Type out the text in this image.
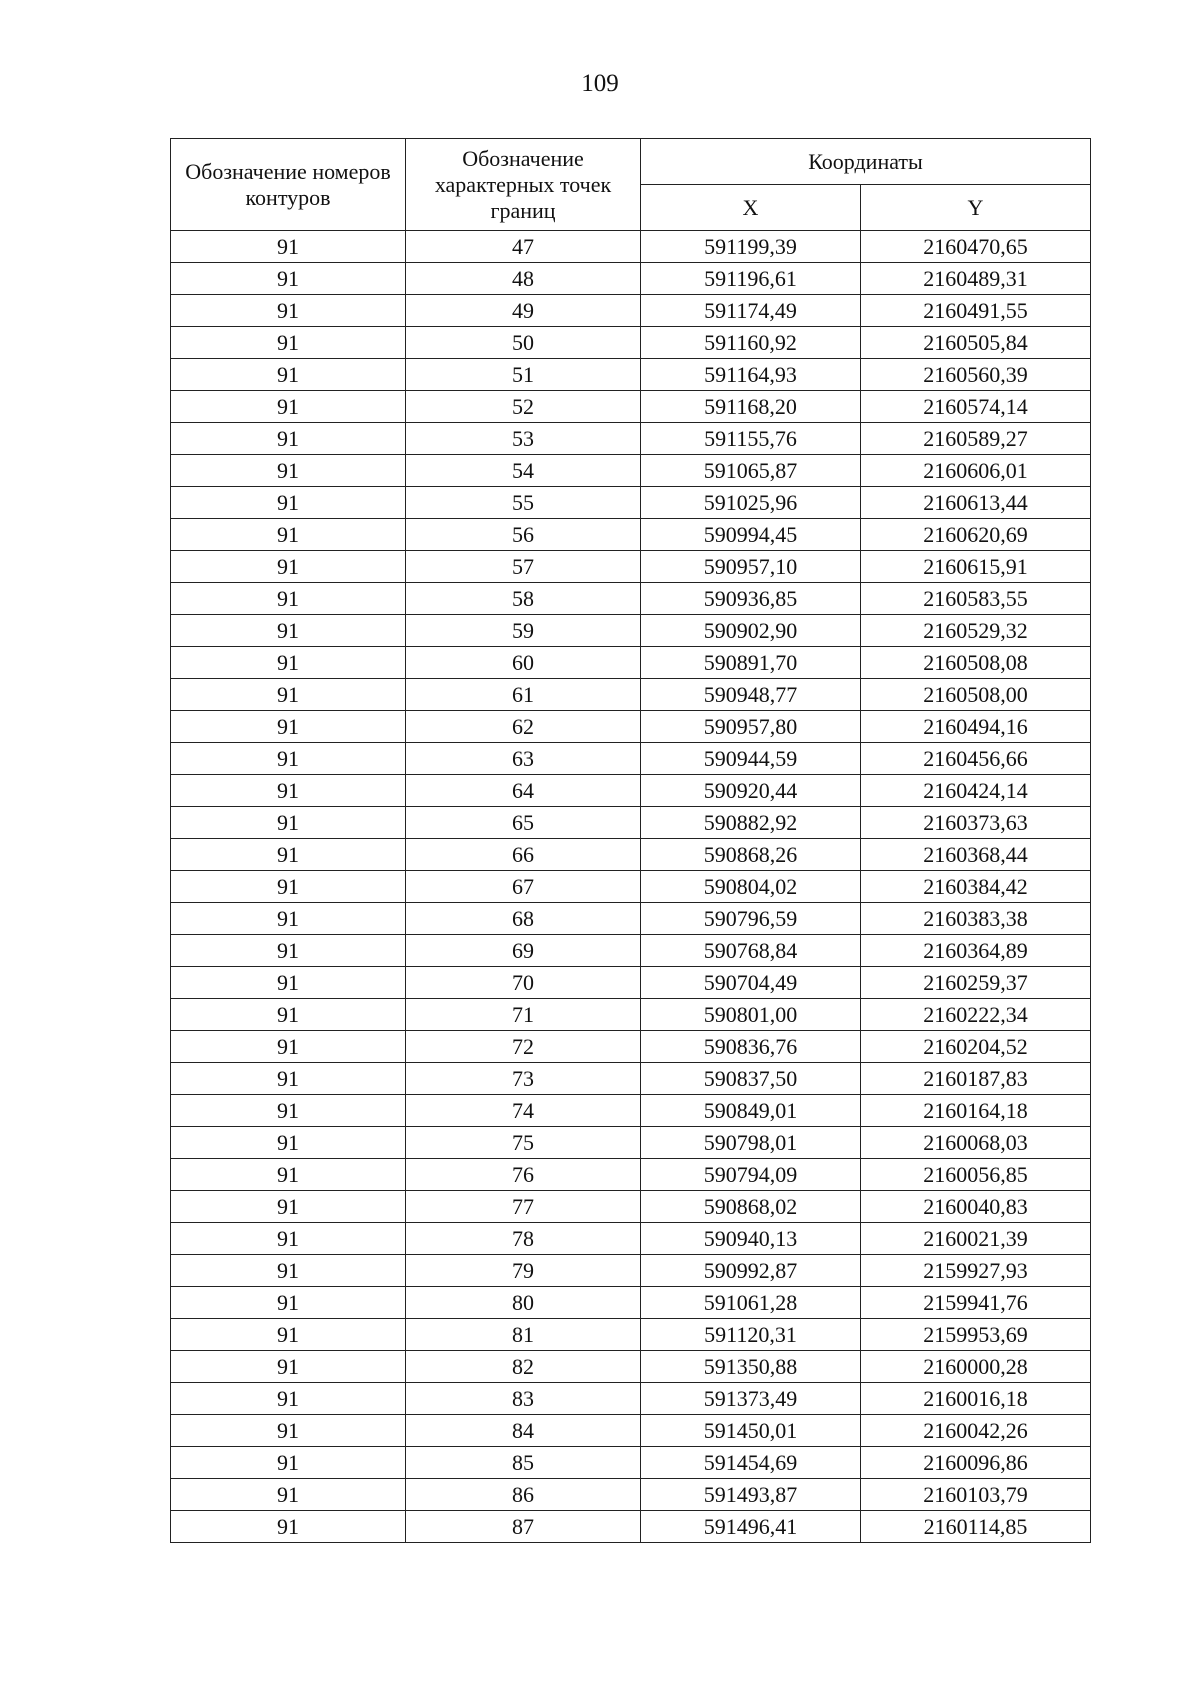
109
Обозначение номеров контуров	Обозначение характерных точек границ	Координаты	
		X	Y
91	47	591199,39	2160470,65
91	48	591196,61	2160489,31
91	49	591174,49	2160491,55
91	50	591160,92	2160505,84
91	51	591164,93	2160560,39
91	52	591168,20	2160574,14
91	53	591155,76	2160589,27
91	54	591065,87	2160606,01
91	55	591025,96	2160613,44
91	56	590994,45	2160620,69
91	57	590957,10	2160615,91
91	58	590936,85	2160583,55
91	59	590902,90	2160529,32
91	60	590891,70	2160508,08
91	61	590948,77	2160508,00
91	62	590957,80	2160494,16
91	63	590944,59	2160456,66
91	64	590920,44	2160424,14
91	65	590882,92	2160373,63
91	66	590868,26	2160368,44
91	67	590804,02	2160384,42
91	68	590796,59	2160383,38
91	69	590768,84	2160364,89
91	70	590704,49	2160259,37
91	71	590801,00	2160222,34
91	72	590836,76	2160204,52
91	73	590837,50	2160187,83
91	74	590849,01	2160164,18
91	75	590798,01	2160068,03
91	76	590794,09	2160056,85
91	77	590868,02	2160040,83
91	78	590940,13	2160021,39
91	79	590992,87	2159927,93
91	80	591061,28	2159941,76
91	81	591120,31	2159953,69
91	82	591350,88	2160000,28
91	83	591373,49	2160016,18
91	84	591450,01	2160042,26
91	85	591454,69	2160096,86
91	86	591493,87	2160103,79
91	87	591496,41	2160114,85
